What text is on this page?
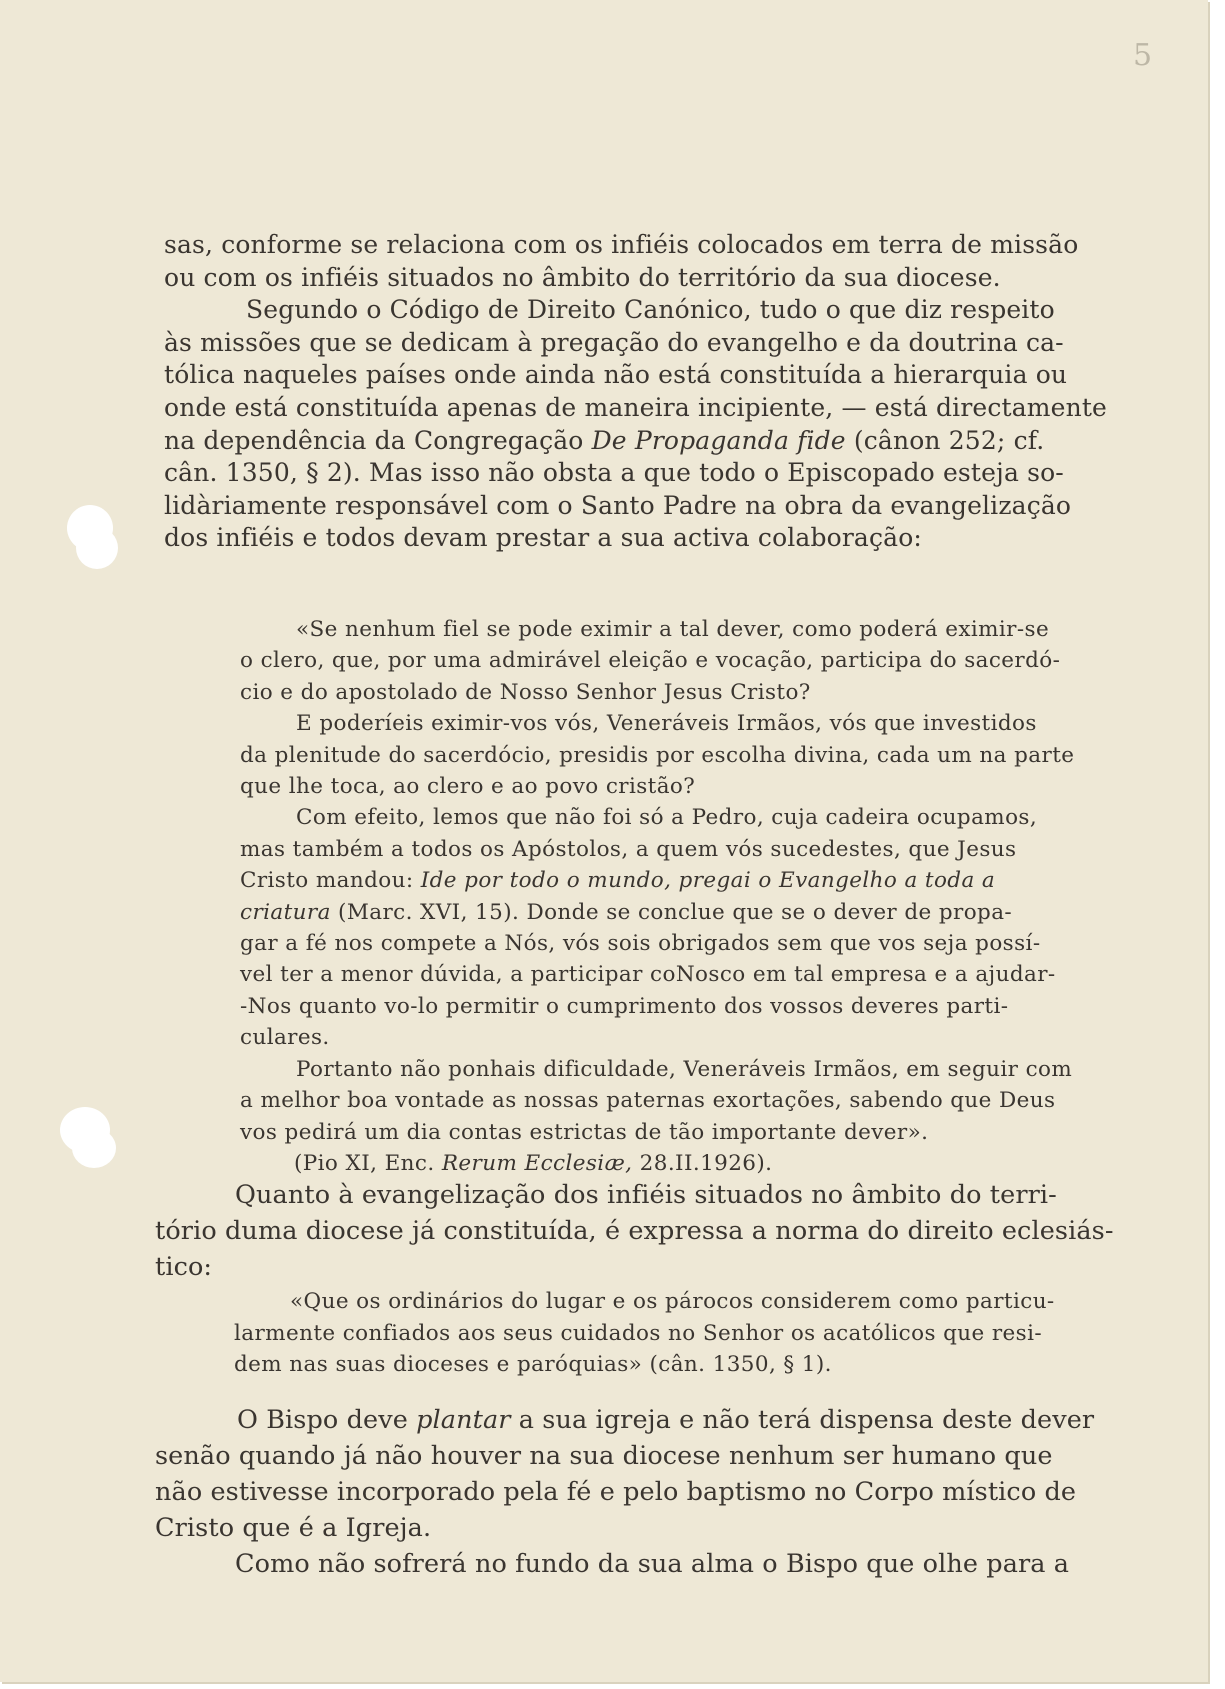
5
sas, conforme se relaciona com os infiéis colocados em terra de missão
ou com os infiéis situados no âmbito do território da sua diocese.
Segundo o Código de Direito Canónico, tudo o que diz respeito
às missões que se dedicam à pregação do evangelho e da doutrina ca-
tólica naqueles países onde ainda não está constituída a hierarquia ou
onde está constituída apenas de maneira incipiente, — está directamente
na dependência da Congregação De Propaganda fide (cânon 252; cf.
cân. 1350, § 2). Mas isso não obsta a que todo o Episcopado esteja so-
lidàriamente responsável com o Santo Padre na obra da evangelização
dos infiéis e todos devam prestar a sua activa colaboração:
«Se nenhum fiel se pode eximir a tal dever, como poderá eximir-se
o clero, que, por uma admirável eleição e vocação, participa do sacerdó-
cio e do apostolado de Nosso Senhor Jesus Cristo?
E poderíeis eximir-vos vós, Veneráveis Irmãos, vós que investidos
da plenitude do sacerdócio, presidis por escolha divina, cada um na parte
que lhe toca, ao clero e ao povo cristão?
Com efeito, lemos que não foi só a Pedro, cuja cadeira ocupamos,
mas também a todos os Apóstolos, a quem vós sucedestes, que Jesus
Cristo mandou: Ide por todo o mundo, pregai o Evangelho a toda a
criatura (Marc. XVI, 15). Donde se conclue que se o dever de propa-
gar a fé nos compete a Nós, vós sois obrigados sem que vos seja possí-
vel ter a menor dúvida, a participar coNosco em tal empresa e a ajudar-
-Nos quanto vo-lo permitir o cumprimento dos vossos deveres parti-
culares.
Portanto não ponhais dificuldade, Veneráveis Irmãos, em seguir com
a melhor boa vontade as nossas paternas exortações, sabendo que Deus
vos pedirá um dia contas estrictas de tão importante dever».
(Pio XI, Enc. Rerum Ecclesiæ, 28.II.1926).
Quanto à evangelização dos infiéis situados no âmbito do terri-
tório duma diocese já constituída, é expressa a norma do direito eclesiás-
tico:
«Que os ordinários do lugar e os párocos considerem como particu-
larmente confiados aos seus cuidados no Senhor os acatólicos que resi-
dem nas suas dioceses e paróquias» (cân. 1350, § 1).
O Bispo deve plantar a sua igreja e não terá dispensa deste dever
senão quando já não houver na sua diocese nenhum ser humano que
não estivesse incorporado pela fé e pelo baptismo no Corpo místico de
Cristo que é a Igreja.
Como não sofrerá no fundo da sua alma o Bispo que olhe para a
